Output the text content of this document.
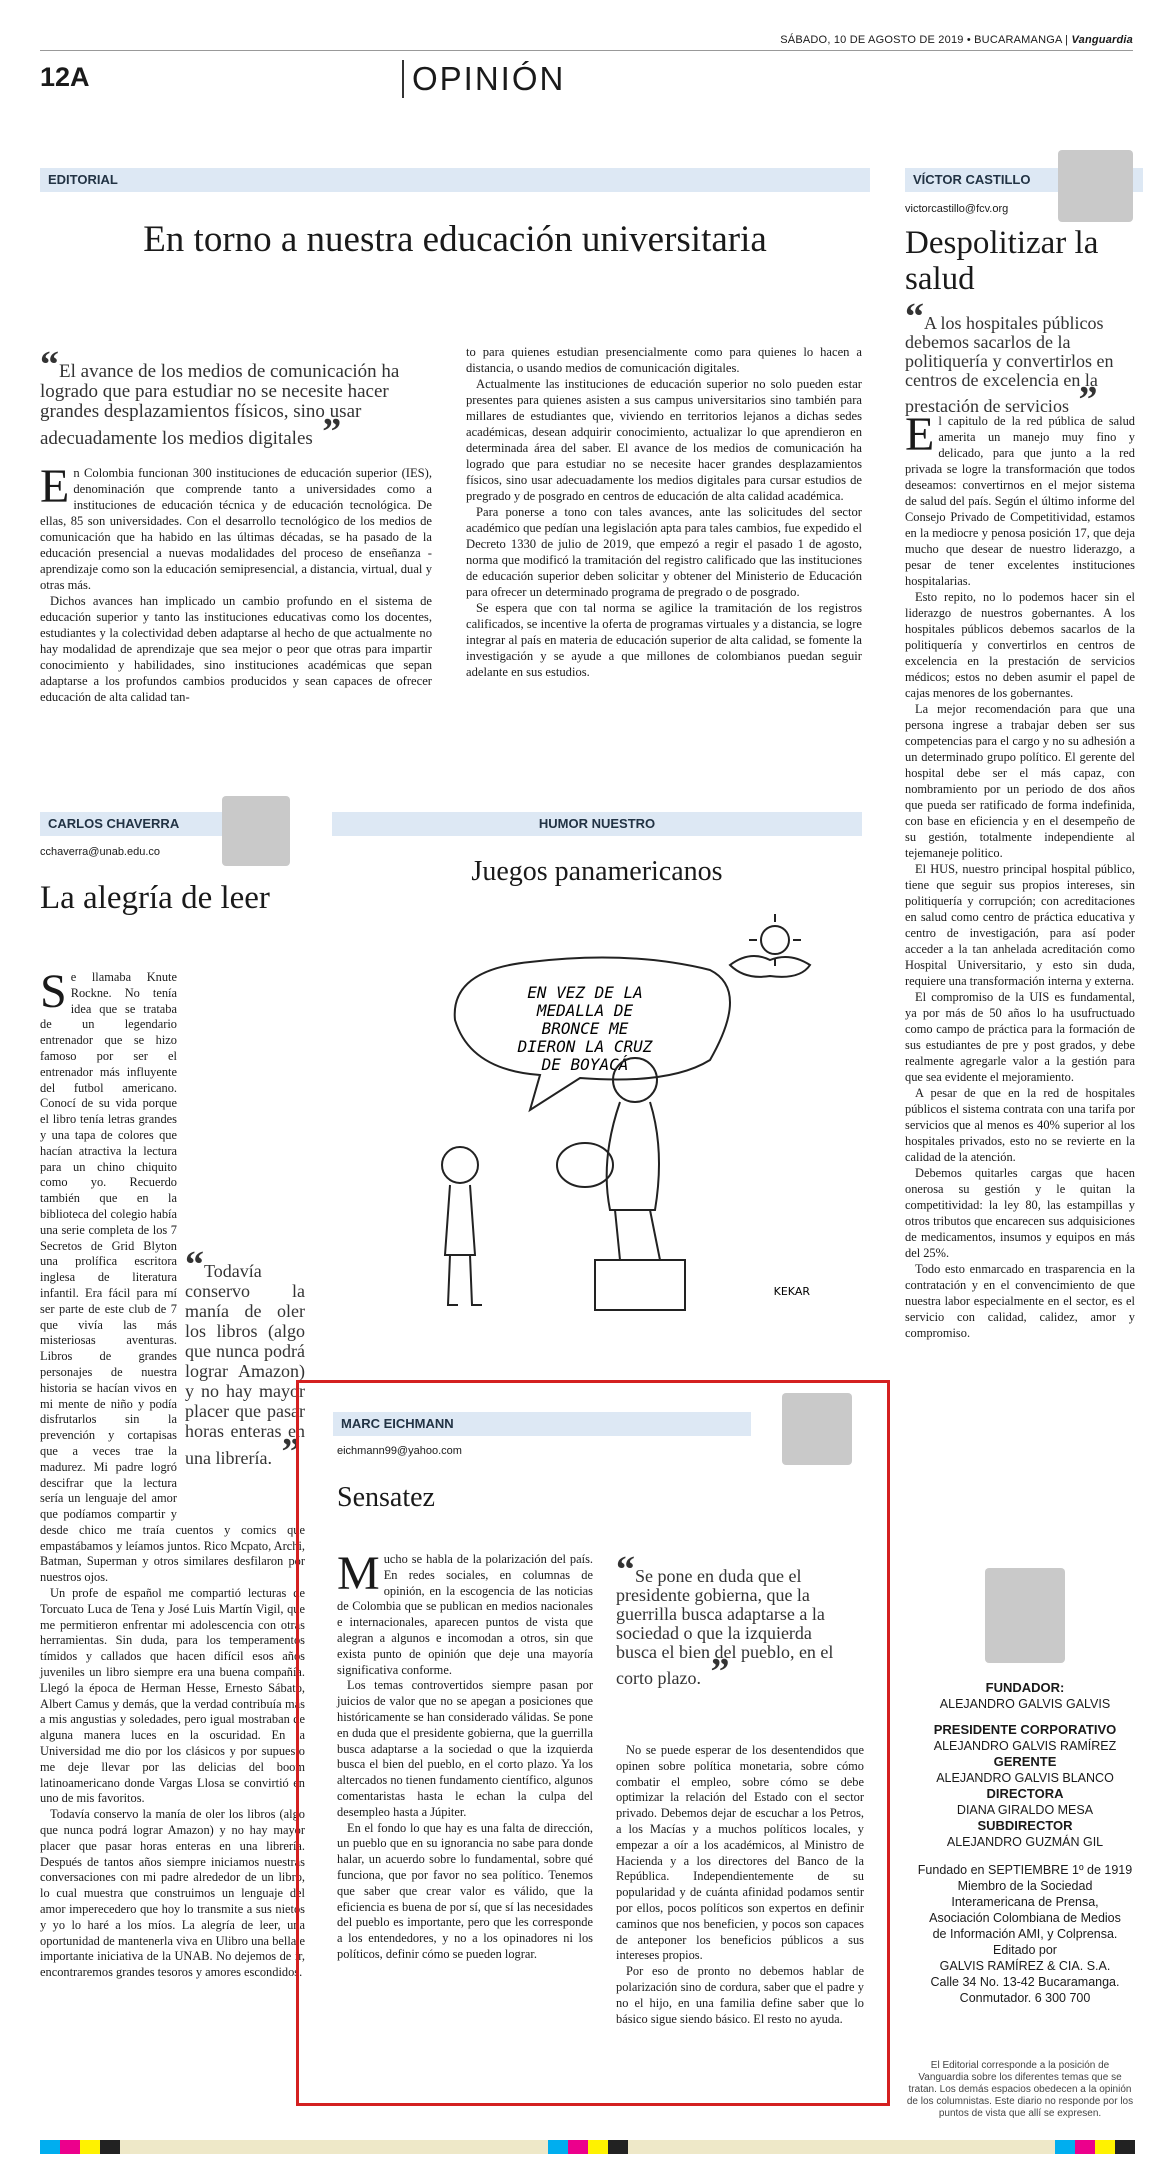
SÁBADO, 10 DE AGOSTO DE 2019 • BUCARAMANGA | Vanguardia
12A	OPINIÓN
EDITORIAL
En torno a nuestra educación universitaria
“El avance de los medios de comunicación ha logrado que para estudiar no se necesite hacer grandes desplazamientos físicos, sino usar adecuadamente los medios digitales ”

En Colombia funcionan 300 instituciones de educación superior (IES), denominación que comprende tanto a universidades como a instituciones de educación técnica y de educación tecnológica. De ellas, 85 son universidades. Con el desarrollo tecnológico de los medios de comunicación que ha habido en las últimas décadas, se ha pasado de la educación presencial a nuevas modalidades del proceso de enseñanza - aprendizaje como son la educación semipresencial, a distancia, virtual, dual y otras más.

Dichos avances han implicado un cambio profundo en el sistema de educación superior y tanto las instituciones educativas como los docentes, estudiantes y la colectividad deben adaptarse al hecho de que actualmente no hay modalidad de aprendizaje que sea mejor o peor que otras para impartir conocimiento y habilidades, sino instituciones académicas que sepan adaptarse a los profundos cambios producidos y sean capaces de ofrecer educación de alta calidad tan-

to para quienes estudian presencialmente como para quienes lo hacen a distancia, o usando medios de comunicación digitales.

Actualmente las instituciones de educación superior no solo pueden estar presentes para quienes asisten a sus campus universitarios sino también para millares de estudiantes que, viviendo en territorios lejanos a dichas sedes académicas, desean adquirir conocimiento, actualizar lo que aprendieron en determinada área del saber. El avance de los medios de comunicación ha logrado que para estudiar no se necesite hacer grandes desplazamientos físicos, sino usar adecuadamente los medios digitales para cursar estudios de pregrado y de posgrado en centros de educación de alta calidad académica.

Para ponerse a tono con tales avances, ante las solicitudes del sector académico que pedían una legislación apta para tales cambios, fue expedido el Decreto 1330 de julio de 2019, que empezó a regir el pasado 1 de agosto, norma que modificó la tramitación del registro calificado que las instituciones de educación superior deben solicitar y obtener del Ministerio de Educación para ofrecer un determinado programa de pregrado o de posgrado.

Se espera que con tal norma se agilice la tramitación de los registros calificados, se incentive la oferta de programas virtuales y a distancia, se logre integrar al país en materia de educación superior de alta calidad, se fomente la investigación y se ayude a que millones de colombianos puedan seguir adelante en sus estudios.

VÍCTOR CASTILLO
victorcastillo@fcv.org
Despolitizar la salud
“A los hospitales públicos debemos sacarlos de la politiquería y convertirlos en centros de excelencia en la prestación de servicios ”

El capitulo de la red pública de salud amerita un manejo muy fino y delicado, para que junto a la red privada se logre la transformación que todos deseamos: convertirnos en el mejor sistema de salud del país. Según el último informe del Consejo Privado de Competitividad, estamos en la mediocre y penosa posición 17, que deja mucho que desear de nuestro liderazgo, a pesar de tener excelentes instituciones hospitalarias.

Esto repito, no lo podemos hacer sin el liderazgo de nuestros gobernantes. A los hospitales públicos debemos sacarlos de la politiquería y convertirlos en centros de excelencia en la prestación de servicios médicos; estos no deben asumir el papel de cajas menores de los gobernantes.

La mejor recomendación para que una persona ingrese a trabajar deben ser sus competencias para el cargo y no su adhesión a un determinado grupo político. El gerente del hospital debe ser el más capaz, con nombramiento por un periodo de dos años que pueda ser ratificado de forma indefinida, con base en eficiencia y en el desempeño de su gestión, totalmente independiente al tejemaneje politico.

El HUS, nuestro principal hospital público, tiene que seguir sus propios intereses, sin politiquería y corrupción; con acreditaciones en salud como centro de práctica educativa y centro de investigación, para así poder acceder a la tan anhelada acreditación como Hospital Universitario, y esto sin duda, requiere una transformación interna y externa.

El compromiso de la UIS es fundamental, ya por más de 50 años lo ha usufructuado como campo de práctica para la formación de sus estudiantes de pre y post grados, y debe realmente agregarle valor a la gestión para que sea evidente el mejoramiento.

A pesar de que en la red de hospitales públicos el sistema contrata con una tarifa por servicios que al menos es 40% superior al los hospitales privados, esto no se revierte en la calidad de la atención.

Debemos quitarles cargas que hacen onerosa su gestión y le quitan la competitividad: la ley 80, las estampillas y otros tributos que encarecen sus adquisiciones de medicamentos, insumos y equipos en más del 25%.

Todo esto enmarcado en trasparencia en la contratación y en el convencimiento de que nuestra labor especialmente en el sector, es el servicio con calidad, calidez, amor y compromiso.

CARLOS CHAVERRA
cchaverra@unab.edu.co
La alegría de leer
“Todavía conservo la manía de oler los libros (algo que nunca podrá lograr Amazon) y no hay mayor placer que pasar horas enteras en una librería. ”

Se llamaba Knute Rockne. No tenía idea que se trataba de un legendario entrenador que se hizo famoso por ser el entrenador más influyente del futbol americano. Conocí de su vida porque el libro tenía letras grandes y una tapa de colores que hacían atractiva la lectura para un chino chiquito como yo. Recuerdo también que en la biblioteca del colegio había una serie completa de los 7 Secretos de Grid Blyton una prolífica escritora inglesa de literatura infantil. Era fácil para mí ser parte de este club de 7 que vivía las más misteriosas aventuras. Libros de grandes personajes de nuestra historia se hacían vivos en mi mente de niño y podía disfrutarlos sin la prevención y cortapisas que a veces trae la madurez. Mi padre logró descifrar que la lectura sería un lenguaje del amor que podíamos compartir y desde chico me traía cuentos y comics que empastábamos y leíamos juntos. Rico Mcpato, Archi, Batman, Superman y otros similares desfilaron por nuestros ojos.

Un profe de español me compartió lecturas de Torcuato Luca de Tena y José Luis Martín Vigil, que me permitieron enfrentar mi adolescencia con otras herramientas. Sin duda, para los temperamentos tímidos y callados que hacen difícil esos años juveniles un libro siempre era una buena compañía. Llegó la época de Herman Hesse, Ernesto Sábato, Albert Camus y demás, que la verdad contribuía más a mis angustias y soledades, pero igual mostraban de alguna manera luces en la oscuridad. En la Universidad me dio por los clásicos y por supuesto me deje llevar por las delicias del boom latinoamericano donde Vargas Llosa se convirtió en uno de mis favoritos.

Todavía conservo la manía de oler los libros (algo que nunca podrá lograr Amazon) y no hay mayor placer que pasar horas enteras en una librería. Después de tantos años siempre iniciamos nuestras conversaciones con mi padre alrededor de un libro, lo cual muestra que construimos un lenguaje del amor imperecedero que hoy lo transmite a sus nietos y yo lo haré a los míos. La alegría de leer, una oportunidad de mantenerla viva en Ulibro una bella e importante iniciativa de la UNAB. No dejemos de ir, encontraremos grandes tesoros y amores escondidos.

HUMOR NUESTRO
Juegos panamericanos
EN VEZ DE LA
MEDALLA DE
BRONCE ME
DIERON LA CRUZ
DE BOYACÁ
KEKAR
MARC EICHMANN
eichmann99@yahoo.com
Sensatez

Mucho se habla de la polarización del país. En redes sociales, en columnas de opinión, en la escogencia de las noticias de Colombia que se publican en medios nacionales e internacionales, aparecen puntos de vista que alegran a algunos e incomodan a otros, sin que exista punto de opinión que deje una mayoría significativa conforme.

Los temas controvertidos siempre pasan por juicios de valor que no se apegan a posiciones que históricamente se han considerado válidas. Se pone en duda que el presidente gobierna, que la guerrilla busca adaptarse a la sociedad o que la izquierda busca el bien del pueblo, en el corto plazo. Ya los altercados no tienen fundamento científico, algunos comentaristas hasta le echan la culpa del desempleo hasta a Júpiter.

En el fondo lo que hay es una falta de dirección, un pueblo que en su ignorancia no sabe para donde halar, un acuerdo sobre lo fundamental, sobre qué funciona, que por favor no sea político. Tenemos que saber que crear valor es válido, que la eficiencia es buena de por sí, que sí las necesidades del pueblo es importante, pero que les corresponde a los entendedores, y no a los opinadores ni los políticos, definir cómo se pueden lograr.

“Se pone en duda que el presidente gobierna, que la guerrilla busca adaptarse a la sociedad o que la izquierda busca el bien del pueblo, en el corto plazo. ”

No se puede esperar de los desentendidos que opinen sobre política monetaria, sobre cómo combatir el empleo, sobre cómo se debe optimizar la relación del Estado con el sector privado. Debemos dejar de escuchar a los Petros, a los Macías y a muchos políticos locales, y empezar a oír a los académicos, al Ministro de Hacienda y a los directores del Banco de la República. Independientemente de su popularidad y de cuánta afinidad podamos sentir por ellos, pocos políticos son expertos en definir caminos que nos beneficien, y pocos son capaces de anteponer los beneficios públicos a sus intereses propios.

Por eso de pronto no debemos hablar de polarización sino de cordura, saber que el padre y no el hijo, en una familia define saber que lo básico sigue siendo básico. El resto no ayuda.

FUNDADOR:
ALEJANDRO GALVIS GALVIS
PRESIDENTE CORPORATIVO
ALEJANDRO GALVIS RAMÍREZ
GERENTE
ALEJANDRO GALVIS BLANCO
DIRECTORA
DIANA GIRALDO MESA
SUBDIRECTOR
ALEJANDRO GUZMÁN GIL
Fundado en SEPTIEMBRE 1º de 1919
Miembro de la Sociedad
Interamericana de Prensa,
Asociación Colombiana de Medios
de Información AMI, y Colprensa.
Editado por
GALVIS RAMÍREZ & CIA. S.A.
Calle 34 No. 13-42 Bucaramanga.
Conmutador. 6 300 700
El Editorial corresponde a la posición de Vanguardia sobre los diferentes temas que se tratan. Los demás espacios obedecen a la opinión de los columnistas. Este diario no responde por los puntos de vista que allí se expresen.
